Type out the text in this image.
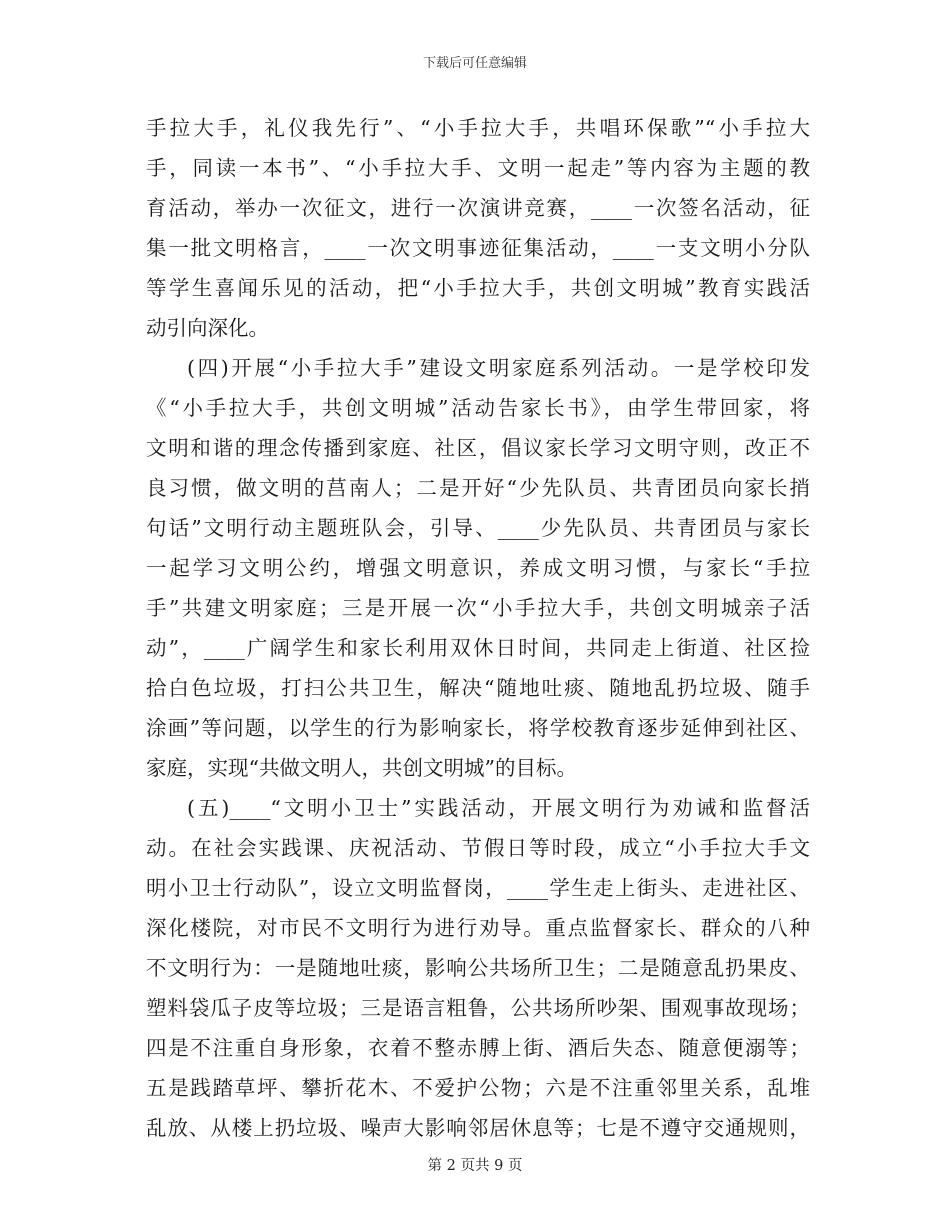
下载后可任意编辑
手拉大手，礼仪我先行”、“小手拉大手，共唱环保歌”“小手拉大
手，同读一本书”、“小手拉大手、文明一起走”等内容为主题的教
育活动，举办一次征文，进行一次演讲竞赛，____一次签名活动，征
集一批文明格言，____一次文明事迹征集活动，____一支文明小分队
等学生喜闻乐见的活动，把“小手拉大手，共创文明城”教育实践活
动引向深化。
(四)开展“小手拉大手”建设文明家庭系列活动。一是学校印发
《“小手拉大手，共创文明城”活动告家长书》，由学生带回家，将
文明和谐的理念传播到家庭、社区，倡议家长学习文明守则，改正不
良习惯，做文明的莒南人；二是开好“少先队员、共青团员向家长捎
句话”文明行动主题班队会，引导、____少先队员、共青团员与家长
一起学习文明公约，增强文明意识，养成文明习惯，与家长“手拉
手”共建文明家庭；三是开展一次“小手拉大手，共创文明城亲子活
动”，____广阔学生和家长利用双休日时间，共同走上街道、社区捡
拾白色垃圾，打扫公共卫生，解决“随地吐痰、随地乱扔垃圾、随手
涂画”等问题，以学生的行为影响家长，将学校教育逐步延伸到社区、
家庭，实现“共做文明人，共创文明城”的目标。
(五)____“文明小卫士”实践活动，开展文明行为劝诫和监督活
动。在社会实践课、庆祝活动、节假日等时段，成立“小手拉大手文
明小卫士行动队”，设立文明监督岗，____学生走上街头、走进社区、
深化楼院，对市民不文明行为进行劝导。重点监督家长、群众的八种
不文明行为：一是随地吐痰，影响公共场所卫生；二是随意乱扔果皮、
塑料袋瓜子皮等垃圾；三是语言粗鲁，公共场所吵架、围观事故现场；
四是不注重自身形象，衣着不整赤膊上街、酒后失态、随意便溺等；
五是践踏草坪、攀折花木、不爱护公物；六是不注重邻里关系，乱堆
乱放、从楼上扔垃圾、噪声大影响邻居休息等；七是不遵守交通规则，
第 2 页共 9 页
